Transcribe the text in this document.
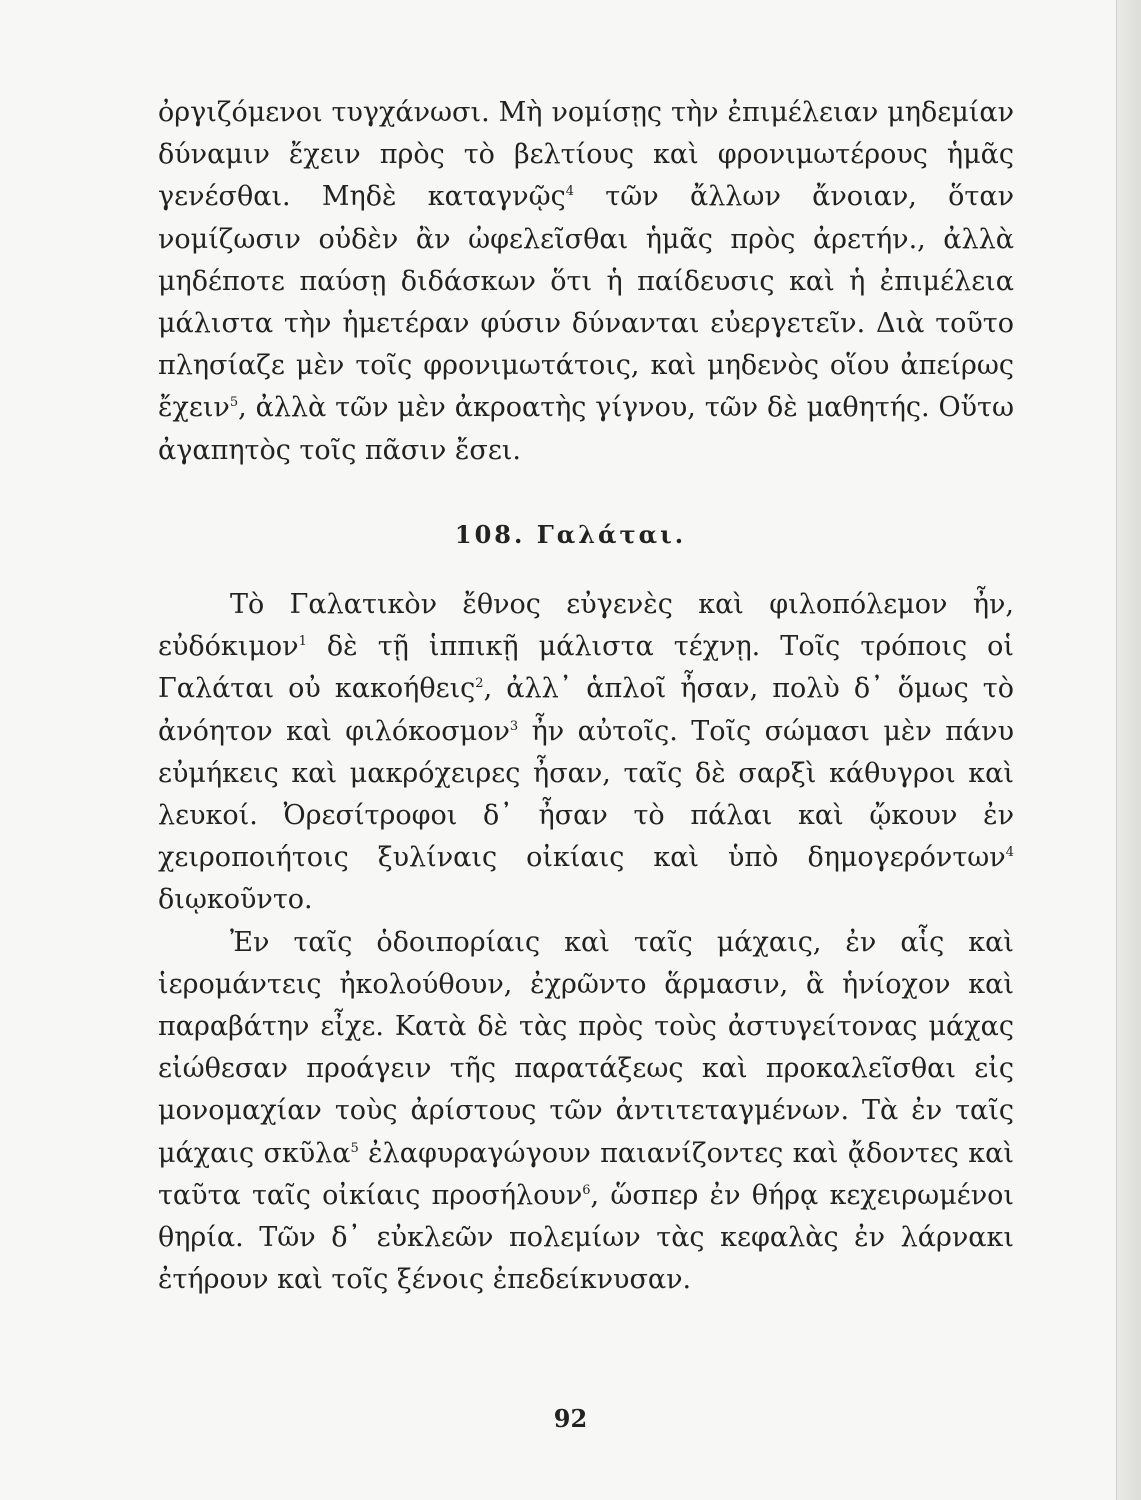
ὀργιζόμενοι τυγχάνωσι. Μὴ νομίσῃς τὴν ἐπιμέλειαν μηδεμίαν δύναμιν ἔχειν πρὸς τὸ βελτίους καὶ φρονιμωτέρους ἡμᾶς γενέσθαι. Μηδὲ καταγνῷς$^4$ τῶν ἄλλων ἄνοιαν, ὅταν νομίζωσιν οὐδὲν ἂν ὠφελεῖσθαι ἡμᾶς πρὸς ἀρετήν., ἀλλὰ μηδέποτε παύσῃ διδάσκων ὅτι ἡ παίδευσις καὶ ἡ ἐπιμέλεια μάλιστα τὴν ἡμετέραν φύσιν δύνανται εὐεργετεῖν. Διὰ τοῦτο πλησίαζε μὲν τοῖς φρονιμωτάτοις, καὶ μηδενὸς οἵου ἀπείρως ἔχειν$^5$, ἀλλὰ τῶν μὲν ἀκροατὴς γίγνου, τῶν δὲ μαθητής. Οὕτω ἀγαπητὸς τοῖς πᾶσιν ἔσει.

108. Γαλάται.

Τὸ Γαλατικὸν ἔθνος εὐγενὲς καὶ φιλοπόλεμον ἦν, εὐδόκιμον$^1$ δὲ τῇ ἱππικῇ μάλιστα τέχνῃ. Τοῖς τρόποις οἱ Γαλάται οὐ κακοήθεις$^2$, ἀλλ᾿ ἁπλοῖ ἦσαν, πολὺ δ᾿ ὅμως τὸ ἀνόητον καὶ φιλόκοσμον$^3$ ἦν αὐτοῖς. Τοῖς σώμασι μὲν πάνυ εὐμήκεις καὶ μακρόχειρες ἦσαν, ταῖς δὲ σαρξὶ κάθυγροι καὶ λευκοί. Ὀρεσίτροφοι δ᾿ ἦσαν τὸ πάλαι καὶ ᾤκουν ἐν χειροποιήτοις ξυλίναις οἰκίαις καὶ ὑπὸ δημογερόντων$^4$ διῳκοῦντο.

Ἐν ταῖς ὁδοιπορίαις καὶ ταῖς μάχαις, ἐν αἷς καὶ ἱερομάντεις ἠκολούθουν, ἐχρῶντο ἅρμασιν, ἃ ἡνίοχον καὶ παραβάτην εἶχε. Κατὰ δὲ τὰς πρὸς τοὺς ἀστυγείτονας μάχας εἰώθεσαν προάγειν τῆς παρατάξεως καὶ προκαλεῖσθαι εἰς μονομαχίαν τοὺς ἀρίστους τῶν ἀντιτεταγμένων. Τὰ ἐν ταῖς μάχαις σκῦλα$^5$ ἐλαφυραγώγουν παιανίζοντες καὶ ᾄδοντες καὶ ταῦτα ταῖς οἰκίαις προσήλουν$^6$, ὥσπερ ἐν θήρᾳ κεχειρωμένοι θηρία. Τῶν δ᾿ εὐκλεῶν πολεμίων τὰς κεφαλὰς ἐν λάρνακι ἐτήρουν καὶ τοῖς ξένοις ἐπεδείκνυσαν.

92
